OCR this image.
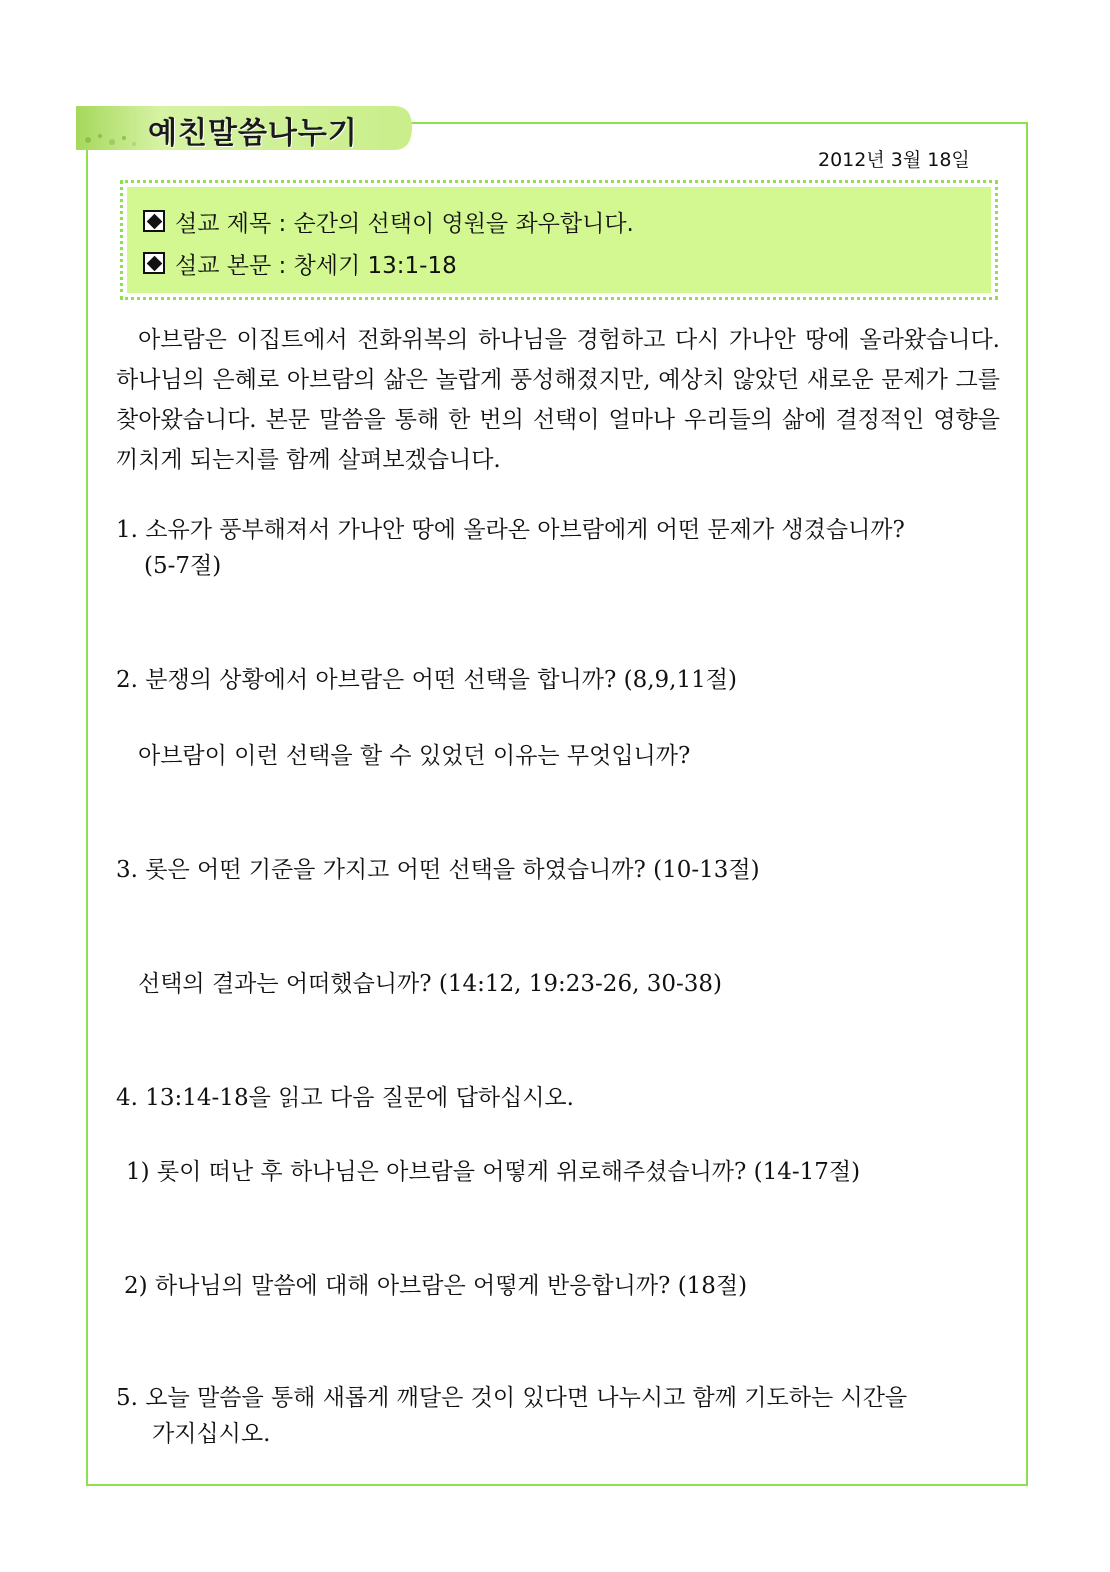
예친말씀나누기
2012년 3월 18일
설교 제목 : 순간의 선택이 영원을 좌우합니다.
설교 본문 : 창세기 13:1-18

아브람은 이집트에서 전화위복의 하나님을 경험하고 다시 가나안 땅에 올라왔습니다. 하나님의 은혜로 아브람의 삶은 놀랍게 풍성해졌지만, 예상치 않았던 새로운 문제가 그를 찾아왔습니다. 본문 말씀을 통해 한 번의 선택이 얼마나 우리들의 삶에 결정적인 영향을 끼치게 되는지를 함께 살펴보겠습니다.

1. 소유가 풍부해져서 가나안 땅에 올라온 아브람에게 어떤 문제가 생겼습니까?
(5-7절)
2. 분쟁의 상황에서 아브람은 어떤 선택을 합니까? (8,9,11절)
아브람이 이런 선택을 할 수 있었던 이유는 무엇입니까?
3. 롯은 어떤 기준을 가지고 어떤 선택을 하였습니까? (10-13절)
선택의 결과는 어떠했습니까? (14:12, 19:23-26, 30-38)
4. 13:14-18을 읽고 다음 질문에 답하십시오.
1) 롯이 떠난 후 하나님은 아브람을 어떻게 위로해주셨습니까? (14-17절)
2) 하나님의 말씀에 대해 아브람은 어떻게 반응합니까? (18절)
5. 오늘 말씀을 통해 새롭게 깨달은 것이 있다면 나누시고 함께 기도하는 시간을
가지십시오.
